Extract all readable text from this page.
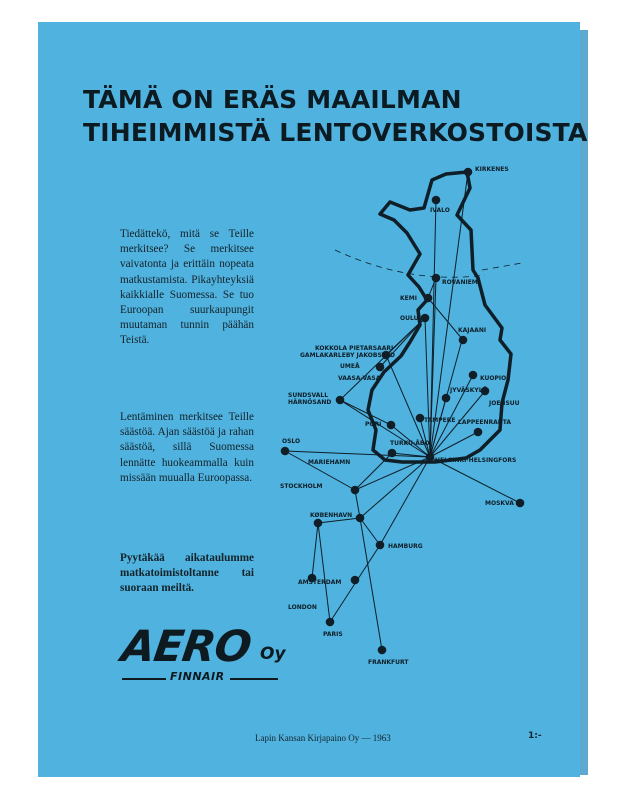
TÄMÄ ON ERÄS MAAILMAN
TIHEIMMISTÄ LENTOVERKOSTOISTA
Tiedättekö, mitä se Teille merkitsee? Se merkitsee vaivatonta ja erittäin nopeata matkustamista. Pikayhteyksiä kaikkialle Suomessa. Se tuo Euroopan suurkaupungit muutaman tunnin päähän Teistä.
Lentäminen merkitsee Teille säästöä. Ajan säästöä ja rahan säästöä, sillä Suomessa lennätte huokeammalla kuin missään muualla Euroopassa.
Pyytäkää aikataulumme matkatoimistoltanne tai suoraan meiltä.
AERO Oy
FINNAIR
KIRKENES
IVALO
ROVANIEMI
KEMI
OULU
KAJAANI
KOKKOLA PIETARSAARI
GAMLAKARLEBY JAKOBSTAD
UMEÅ
VAASA-VASA	KUOPIO
JYVÄSKYLÄ
JOENSUU
SUNDSVALL
HÄRNÖSAND
TAMPERE
PORI	LAPPEENRANTA
OSLO	TURKU·ÅBO
MARIEHAMN	HELSINKI·HELSINGFORS
STOCKHOLM
MOSKVA
KØBENHAVN
HAMBURG
AMSTERDAM
LONDON
PARIS
FRANKFURT
Lapin Kansan Kirjapaino Oy — 1963	1:-
